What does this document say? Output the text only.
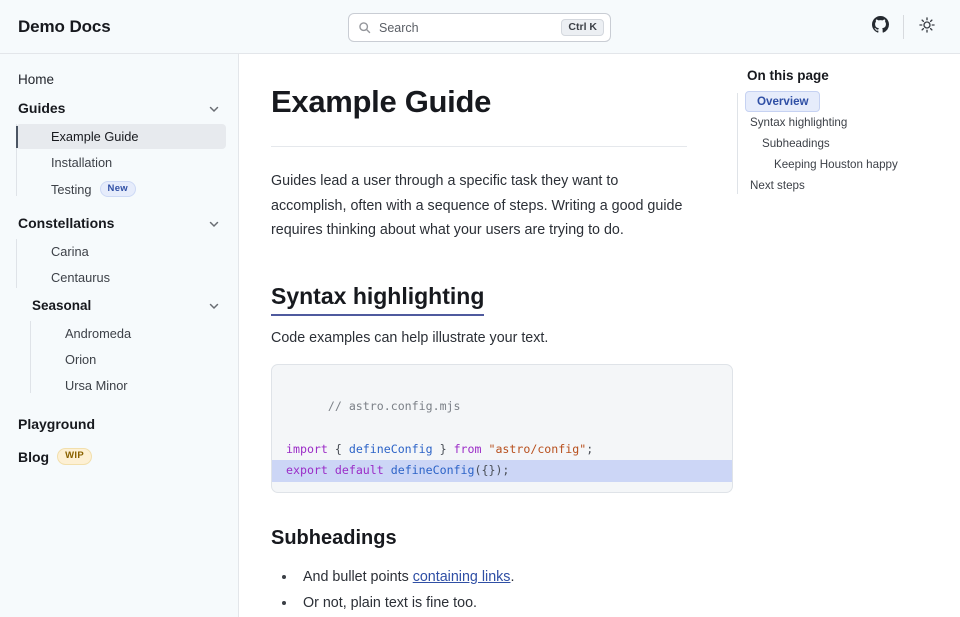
Demo Docs	Search	Ctrl K
Home
Guides
Example Guide
Installation
Testing	New
Constellations
Carina
Centaurus
Seasonal
Andromeda
Orion
Ursa Minor
Playground
Blog	WIP
Example Guide

Guides lead a user through a specific task they want to accomplish, often with a sequence of steps. Writing a good guide requires thinking about what your users are trying to do.

Syntax highlighting

Code examples can help illustrate your text.

// astro.config.mjs

import { defineConfig } from "astro/config";
export default defineConfig({});
Subheadings
• And bullet points containing links.
• Or not, plain text is fine too.
On this page
Overview
Syntax highlighting
Subheadings
Keeping Houston happy
Next steps
